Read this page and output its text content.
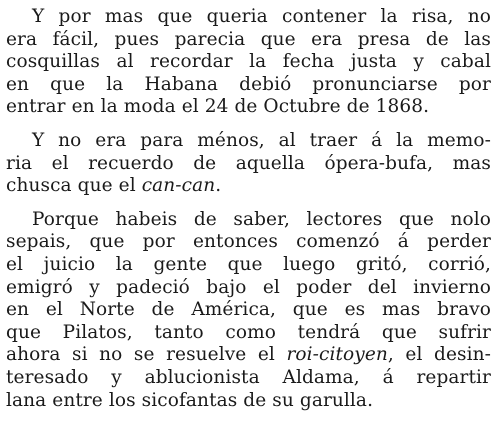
Y por mas que queria contener la risa, no
era fácil, pues parecia que era presa de las
cosquillas al recordar la fecha justa y cabal
en que la Habana debió pronunciarse por
entrar en la moda el 24 de Octubre de 1868.

Y no era para ménos, al traer á la memo-
ria el recuerdo de aquella ópera-bufa, mas
chusca que el can-can.

Porque habeis de saber, lectores que nolo
sepais, que por entonces comenzó á perder
el juicio la gente que luego gritó, corrió,
emigró y padeció bajo el poder del invierno
en el Norte de América, que es mas bravo
que Pilatos, tanto como tendrá que sufrir
ahora si no se resuelve el roi-citoyen, el desin-
teresado y ablucionista Aldama, á repartir
lana entre los sicofantas de su garulla.
